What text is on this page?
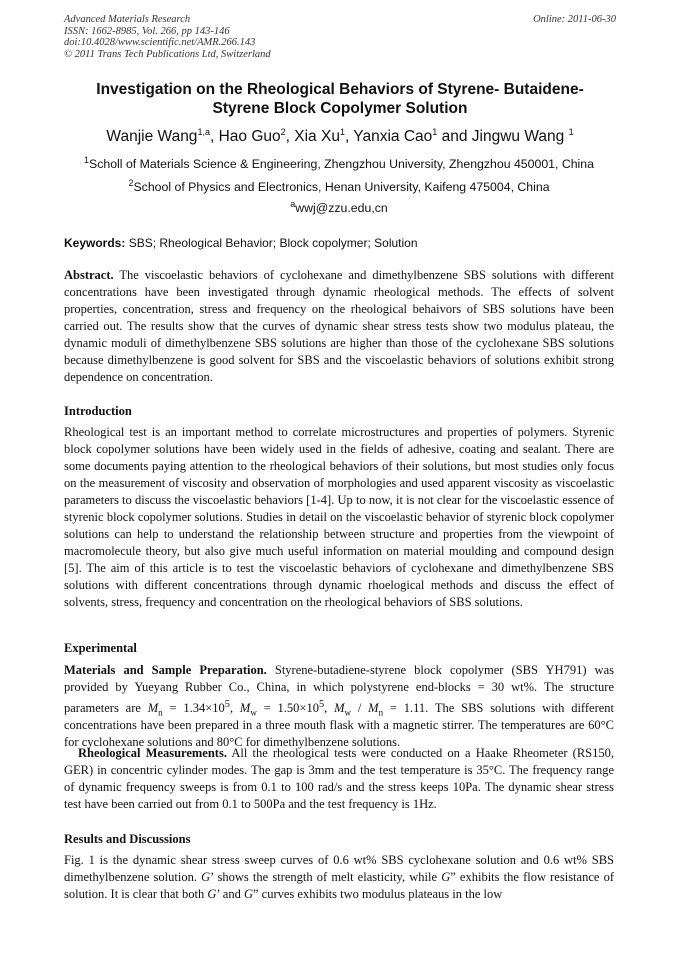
Advanced Materials Research
ISSN: 1662-8985, Vol. 266, pp 143-146
doi:10.4028/www.scientific.net/AMR.266.143
© 2011 Trans Tech Publications Ltd, Switzerland
Online: 2011-06-30
Investigation on the Rheological Behaviors of Styrene- Butaidene-
Styrene Block Copolymer Solution
Wanjie Wang$^{1,a}$, Hao Guo$^2$, Xia Xu$^1$, Yanxia Cao$^1$ and Jingwu Wang $^1$
$^1$Scholl of Materials Science & Engineering, Zhengzhou University, Zhengzhou 450001, China
$^2$School of Physics and Electronics, Henan University, Kaifeng 475004, China
$^a$wwj@zzu.edu,cn
Keywords: SBS; Rheological Behavior; Block copolymer; Solution
Abstract. The viscoelastic behaviors of cyclohexane and dimethylbenzene SBS solutions with different concentrations have been investigated through dynamic rheological methods. The effects of solvent properties, concentration, stress and frequency on the rheological behaivors of SBS solutions have been carried out. The results show that the curves of dynamic shear stress tests show two modulus plateau, the dynamic moduli of dimethylbenzene SBS solutions are higher than those of the cyclohexane SBS solutions because dimethylbenzene is good solvent for SBS and the viscoelastic behaviors of solutions exhibit strong dependence on concentration.
Introduction
Rheological test is an important method to correlate microstructures and properties of polymers. Styrenic block copolymer solutions have been widely used in the fields of adhesive, coating and sealant. There are some documents paying attention to the rheological behaviors of their solutions, but most studies only focus on the measurement of viscosity and observation of morphologies and used apparent viscosity as viscoelastic parameters to discuss the viscoelastic behaviors [1-4]. Up to now, it is not clear for the viscoelastic essence of styrenic block copolymer solutions. Studies in detail on the viscoelastic behavior of styrenic block copolymer solutions can help to understand the relationship between structure and properties from the viewpoint of macromolecule theory, but also give much useful information on material moulding and compound design [5]. The aim of this article is to test the viscoelastic behaviors of cyclohexane and dimethylbenzene SBS solutions with different concentrations through dynamic rhoelogical methods and discuss the effect of solvents, stress, frequency and concentration on the rheological behaviors of SBS solutions.
Experimental
Materials and Sample Preparation. Styrene-butadiene-styrene block copolymer (SBS YH791) was provided by Yueyang Rubber Co., China, in which polystyrene end-blocks = 30 wt%. The structure parameters are $M_n = 1.34\times 10^5$, $M_w = 1.50\times 10^5$, $M_w / M_n = 1.11$. The SBS solutions with different concentrations have been prepared in a three mouth flask with a magnetic stirrer. The temperatures are 60°C for cyclohexane solutions and 80°C for dimethylbenzene solutions.
Rheological Measurements. All the rheological tests were conducted on a Haake Rheometer (RS150, GER) in concentric cylinder modes. The gap is 3mm and the test temperature is 35°C. The frequency range of dynamic frequency sweeps is from 0.1 to 100 rad/s and the stress keeps 10Pa. The dynamic shear stress test have been carried out from 0.1 to 500Pa and the test frequency is 1Hz.
Results and Discussions
Fig. 1 is the dynamic shear stress sweep curves of 0.6 wt% SBS cyclohexane solution and 0.6 wt% SBS dimethylbenzene solution. G’ shows the strength of melt elasticity, while G” exhibits the flow resistance of solution. It is clear that both G’ and G” curves exhibits two modulus plateaus in the low
